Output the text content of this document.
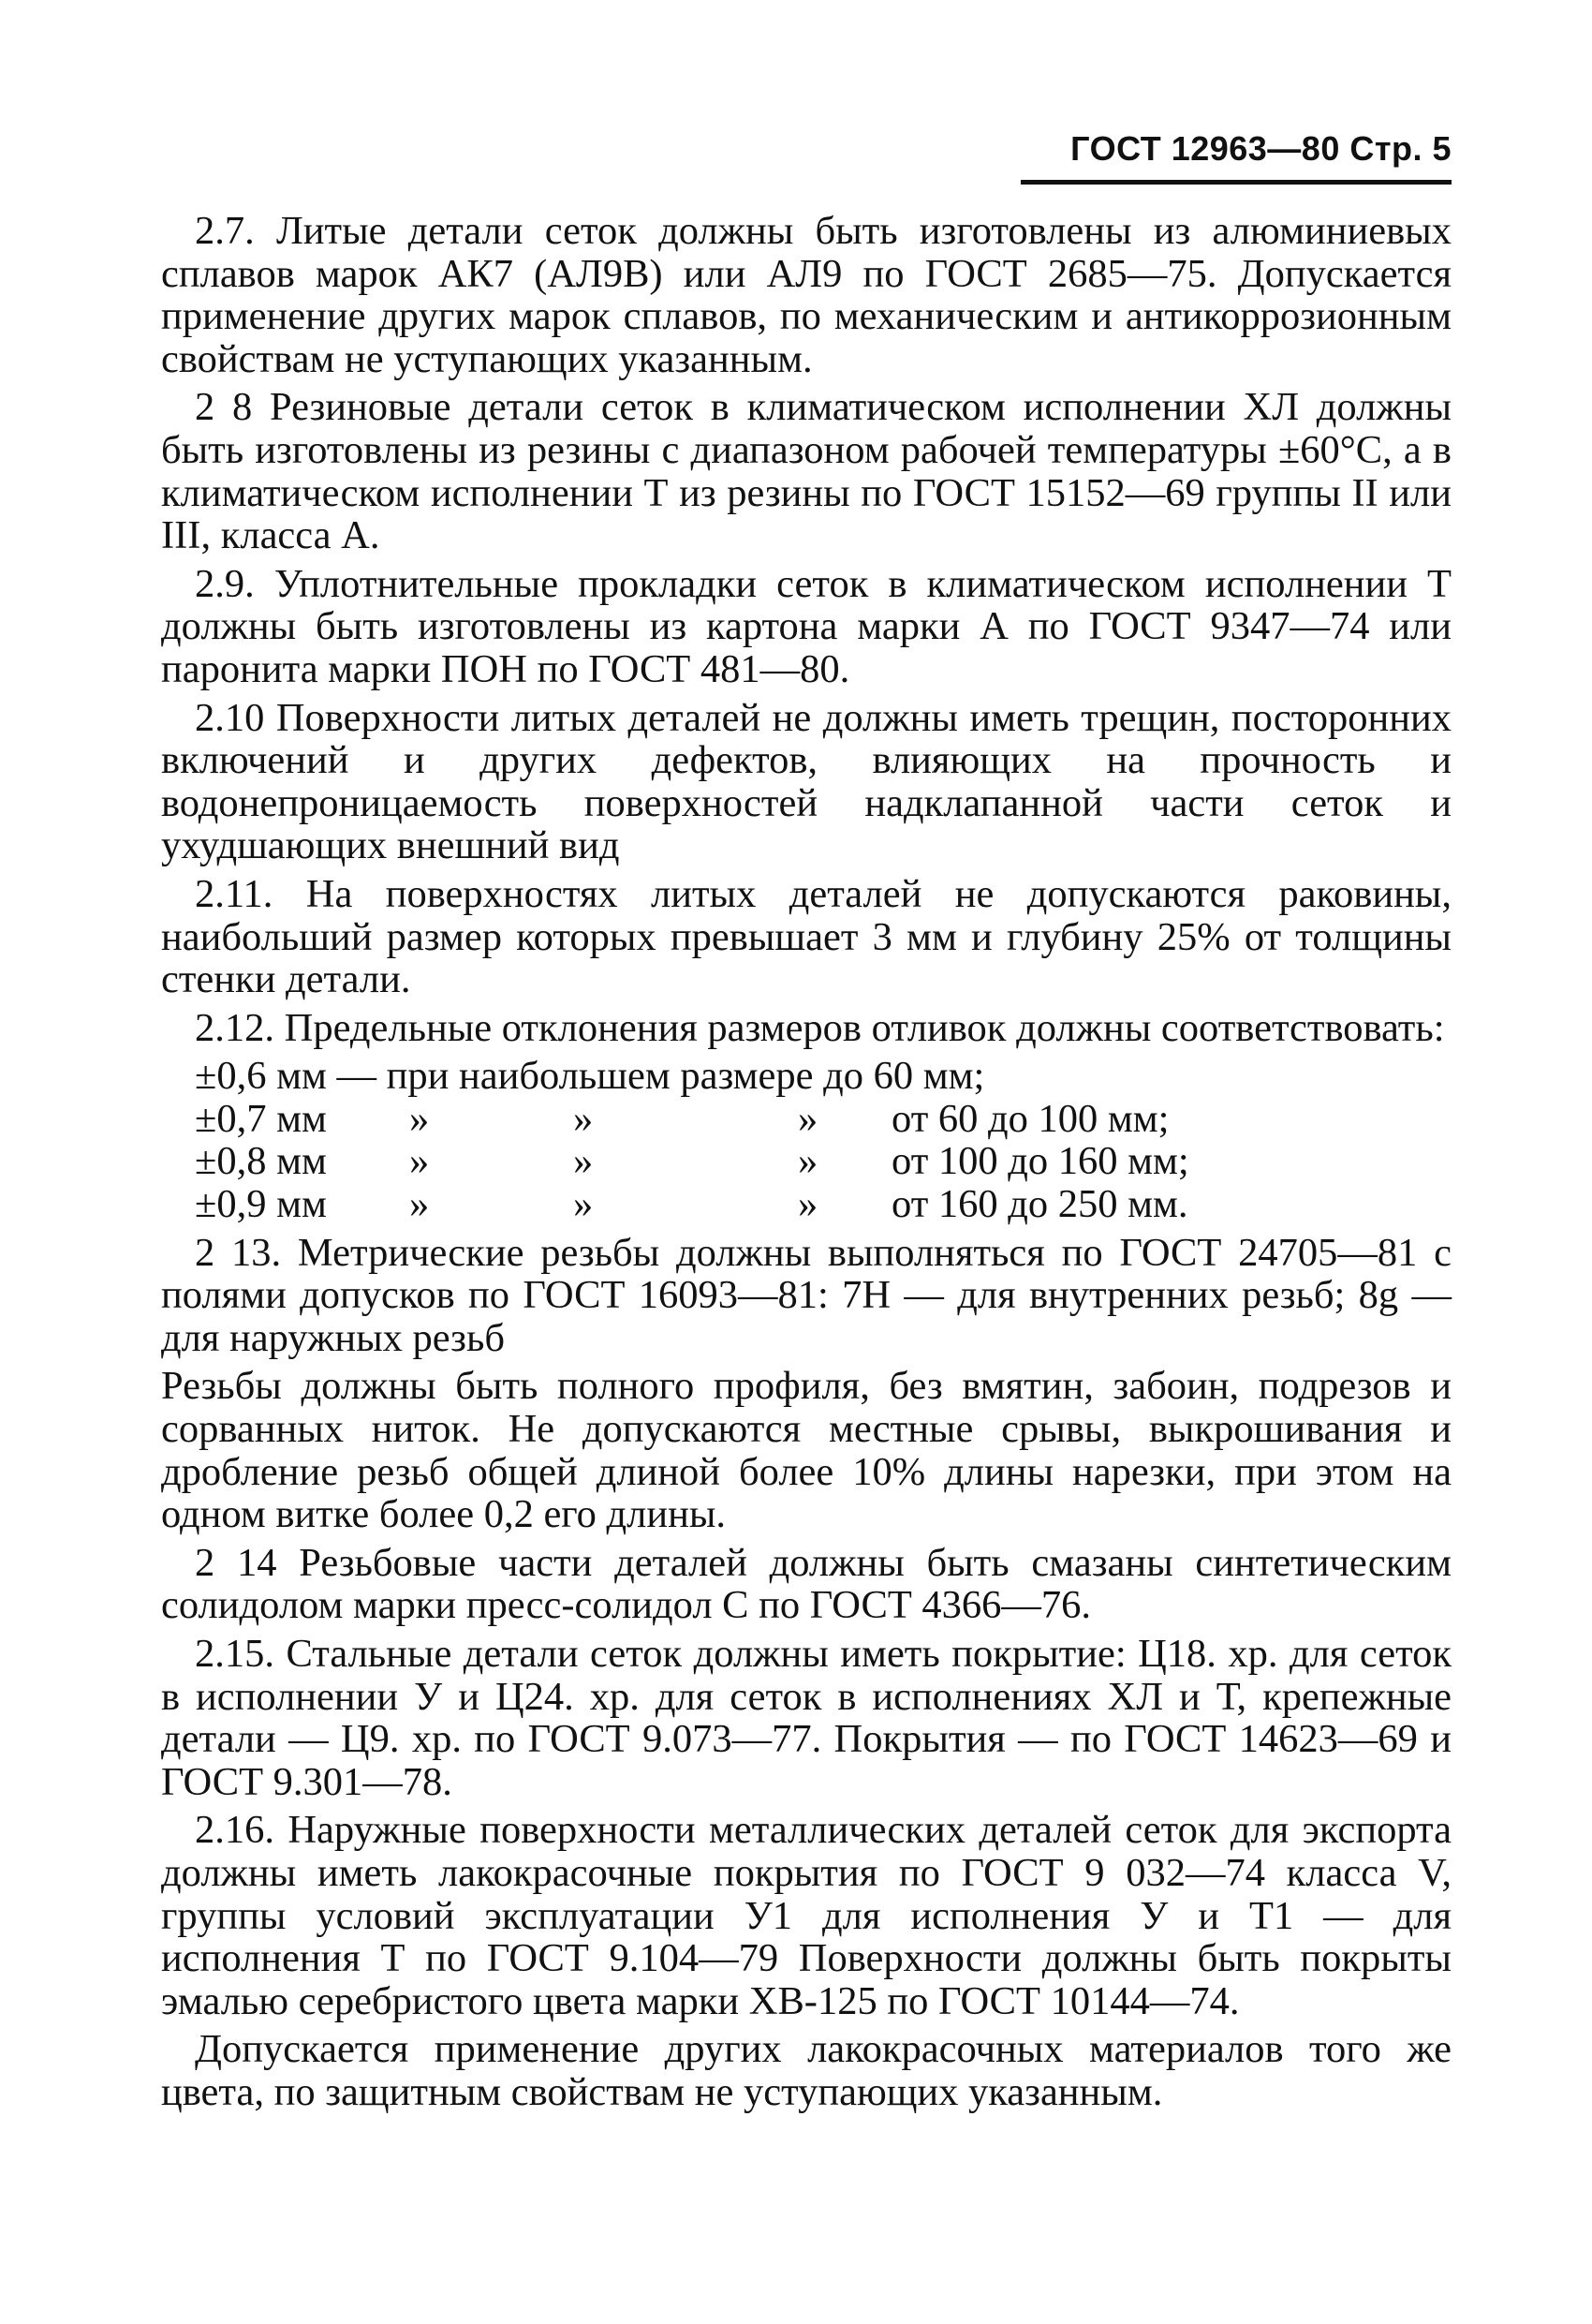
ГОСТ 12963—80 Стр. 5

2.7. Литые детали сеток должны быть изготовлены из алюминиевых сплавов марок АК7 (АЛ9В) или АЛ9 по ГОСТ 2685—75. Допускается применение других марок сплавов, по механическим и антикоррозионным свойствам не уступающих указанным.

2 8 Резиновые детали сеток в климатическом исполнении ХЛ должны быть изготовлены из резины с диапазоном рабочей температуры ±60°С, а в климатическом исполнении Т из резины по ГОСТ 15152—69 группы II или III, класса А.

2.9. Уплотнительные прокладки сеток в климатическом исполнении Т должны быть изготовлены из картона марки А по ГОСТ 9347—74 или паронита марки ПОН по ГОСТ 481—80.

2.10 Поверхности литых деталей не должны иметь трещин, посторонних включений и других дефектов, влияющих на прочность и водонепроницаемость поверхностей надклапанной части сеток и ухудшающих внешний вид

2.11. На поверхностях литых деталей не допускаются раковины, наибольший размер которых превышает 3 мм и глубину 25% от толщины стенки детали.

2.12. Предельные отклонения размеров отливок должны соответствовать:

±0,6 мм — при наибольшем размере до 60 мм;
±0,7 мм »	»	» от 60 до 100 мм;
±0,8 мм »	»	» от 100 до 160 мм;
±0,9 мм »	»	» от 160 до 250 мм.

2 13. Метрические резьбы должны выполняться по ГОСТ 24705—81 с полями допусков по ГОСТ 16093—81: 7Н — для внутренних резьб; 8g — для наружных резьб

Резьбы должны быть полного профиля, без вмятин, забоин, подрезов и сорванных ниток. Не допускаются местные срывы, выкрошивания и дробление резьб общей длиной более 10% длины нарезки, при этом на одном витке более 0,2 его длины.

2 14 Резьбовые части деталей должны быть смазаны синтетическим солидолом марки пресс-солидол С по ГОСТ 4366—76.

2.15. Стальные детали сеток должны иметь покрытие: Ц18. хр. для сеток в исполнении У и Ц24. хр. для сеток в исполнениях ХЛ и Т, крепежные детали — Ц9. хр. по ГОСТ 9.073—77. Покрытия — по ГОСТ 14623—69 и ГОСТ 9.301—78.

2.16. Наружные поверхности металлических деталей сеток для экспорта должны иметь лакокрасочные покрытия по ГОСТ 9 032—74 класса V, группы условий эксплуатации У1 для исполнения У и Т1 — для исполнения Т по ГОСТ 9.104—79 Поверхности должны быть покрыты эмалью серебристого цвета марки ХВ-125 по ГОСТ 10144—74.

Допускается применение других лакокрасочных материалов того же цвета, по защитным свойствам не уступающих указанным.
